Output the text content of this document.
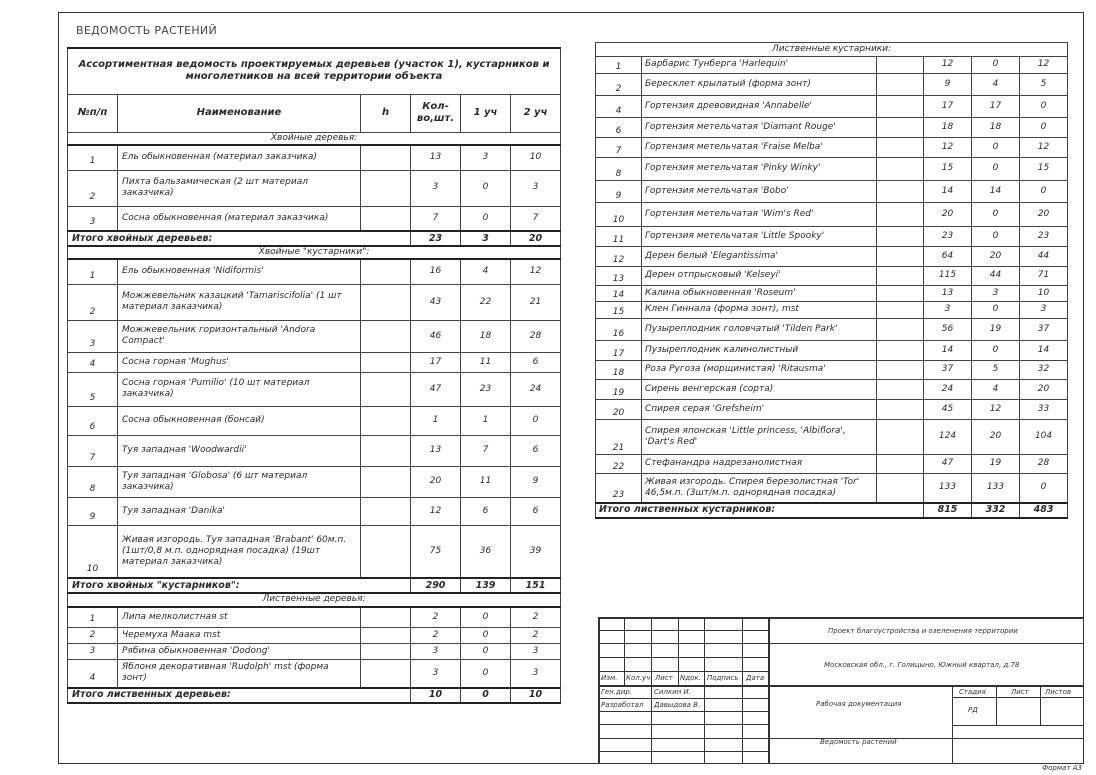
ВЕДОМОСТЬ РАСТЕНИЙ
Ассортиментная ведомость проектируемых деревьев (участок 1), кустарников и многолетников на всей территории объекта					
№п/п	Наименование	h	Кол-во,шт.	1 уч	2 уч
Хвойные деревья:					
1	Ель обыкновенная (материал заказчика)		13	3	10
2	Пихта бальзамическая (2 шт материал заказчика)		3	0	3
3	Сосна обыкновенная (материал заказчика)		7	0	7
Итого хвойных деревьев:			23	3	20
Хвойные "кустарники":					
1	Ель обыкновенная 'Nidiformis'		16	4	12
2	Можжевельник казацкий 'Tamariscifolia' (1 шт материал заказчика)		43	22	21
3	Можжевельник горизонтальный 'Andora Compact'		46	18	28
4	Сосна горная 'Mughus'		17	11	6
5	Сосна горная 'Pumilio' (10 шт материал заказчика)		47	23	24
6	Сосна обыкновенная (бонсай)		1	1	0
7	Туя западная 'Woodwardii'		13	7	6
8	Туя западная 'Globosa' (6 шт материал заказчика)		20	11	9
9	Туя западная 'Danika'		12	6	6
10	Живая изгородь. Туя западная 'Brabant' 60м.п. (1шт/0,8 м.п. однорядная посадка) (19шт материал заказчика)		75	36	39
Итого хвойных "кустарников":			290	139	151
Лиственные деревья:					
1	Липа мелколистная st		2	0	2
2	Черемуха Маака mst		2	0	2
3	Рябина обыкновенная 'Dodong'		3	0	3
4	Яблоня декоративная 'Rudolph' mst (форма зонт)		3	0	3
Итого лиственных деревьев:			10	0	10
Лиственные кустарники:					
1	Барбарис Тунберга 'Harlequin'		12	0	12
2	Бересклет крылатый (форма зонт)		9	4	5
4	Гортензия древовидная 'Annabelle'		17	17	0
6	Гортензия метельчатая 'Diamant Rouge'		18	18	0
7	Гортензия метельчатая 'Fraise Melba'		12	0	12
8	Гортензия метельчатая 'Pinky Winky'		15	0	15
9	Гортензия метельчатая 'Bobo'		14	14	0
10	Гортензия метельчатая 'Wim's Red'		20	0	20
11	Гортензия метельчатая 'Little Spooky'		23	0	23
12	Дерен белый 'Elegantissima'		64	20	44
13	Дерен отпрысковый 'Kelseyi'		115	44	71
14	Калина обыкновенная 'Roseum'		13	3	10
15	Клен Гиннала (форма зонт), mst		3	0	3
16	Пузыреплодник головчатый 'Tilden Park'		56	19	37
17	Пузыреплодник калинолистный		14	0	14
18	Роза Ругоза (морщинистая) 'Ritausma'		37	5	32
19	Сирень венгерская (сорта)		24	4	20
20	Спирея серая 'Grefsheim'		45	12	33
21	Спирея японская 'Little princess, 'Albiflora', 'Dart's Red'		124	20	104
22	Стефанандра надрезанолистная		47	19	28
23	Живая изгородь. Спирея березолистная 'Tor' 46,5м.п. (3шт/м.п. однорядная посадка)		133	133	0
Итого лиственных кустарников:			815	332	483
Изм. Кол.уч Лист Nдок. Подпись Дата
Ген.дир.	Силкин И.
Разработал Давыдова В.
Проект благоустройства и озеленения территории
Московская обл., г. Голицыно, Южный квартал, д.78
Рабочая документация
Ведомость растений
Стадия	Лист Листов
РД
Формат А3
